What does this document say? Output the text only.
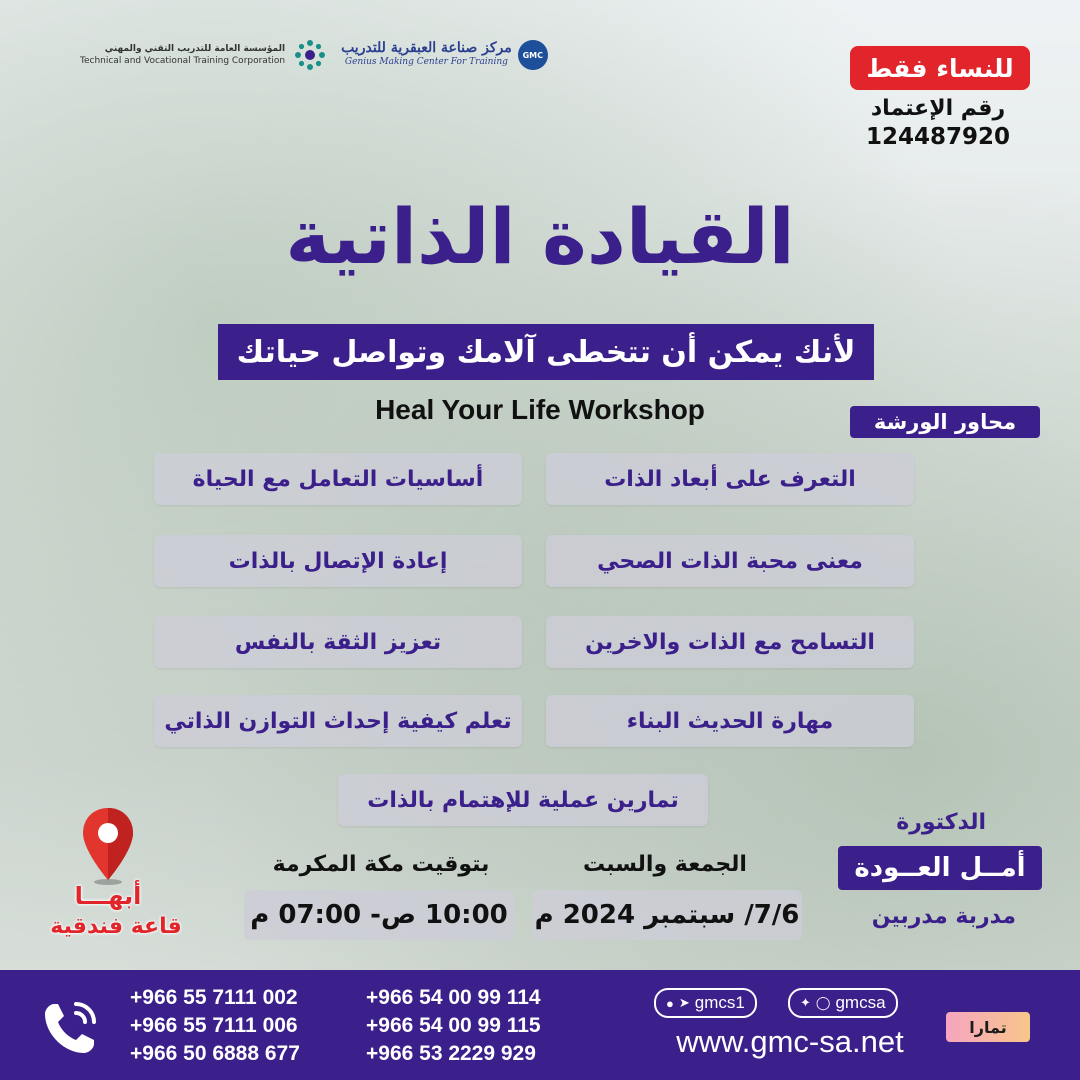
المؤسسة العامة للتدريب التقني والمهني
Technical and Vocational Training Corporation
مركز صناعة العبقرية للتدريب
Genius Making Center For Training
GMC	للنساء فقط
رقم الإعتماد
124487920
القيادة الذاتية
لأنك يمكن أن تتخطى آلامك وتواصل حياتك
Heal Your Life Workshop	محاور الورشة
التعرف على أبعاد الذات
أساسيات التعامل مع الحياة
معنى محبة الذات الصحي
إعادة الإتصال بالذات
التسامح مع الذات والاخرين
تعزيز الثقة بالنفس
مهارة الحديث البناء
تعلم كيفية إحداث التوازن الذاتي
تمارين عملية للإهتمام بالذات
الدكتورة
أمــل العــودة
مدربة مدربين
الجمعة والسبت
7/6/ سبتمبر 2024 م
بتوقيت مكة المكرمة
10:00 ص- 07:00 م
أبهـــا
قاعة فندقية
+966 55 7111 002
+966 55 7111 006
+966 50 6888 677
+966 54 00 99 114
+966 54 00 99 115
+966 53 2229 929
● ➤ gmcs1	✦ ◯ gmcsa
www.gmc-sa.net	تمارا
